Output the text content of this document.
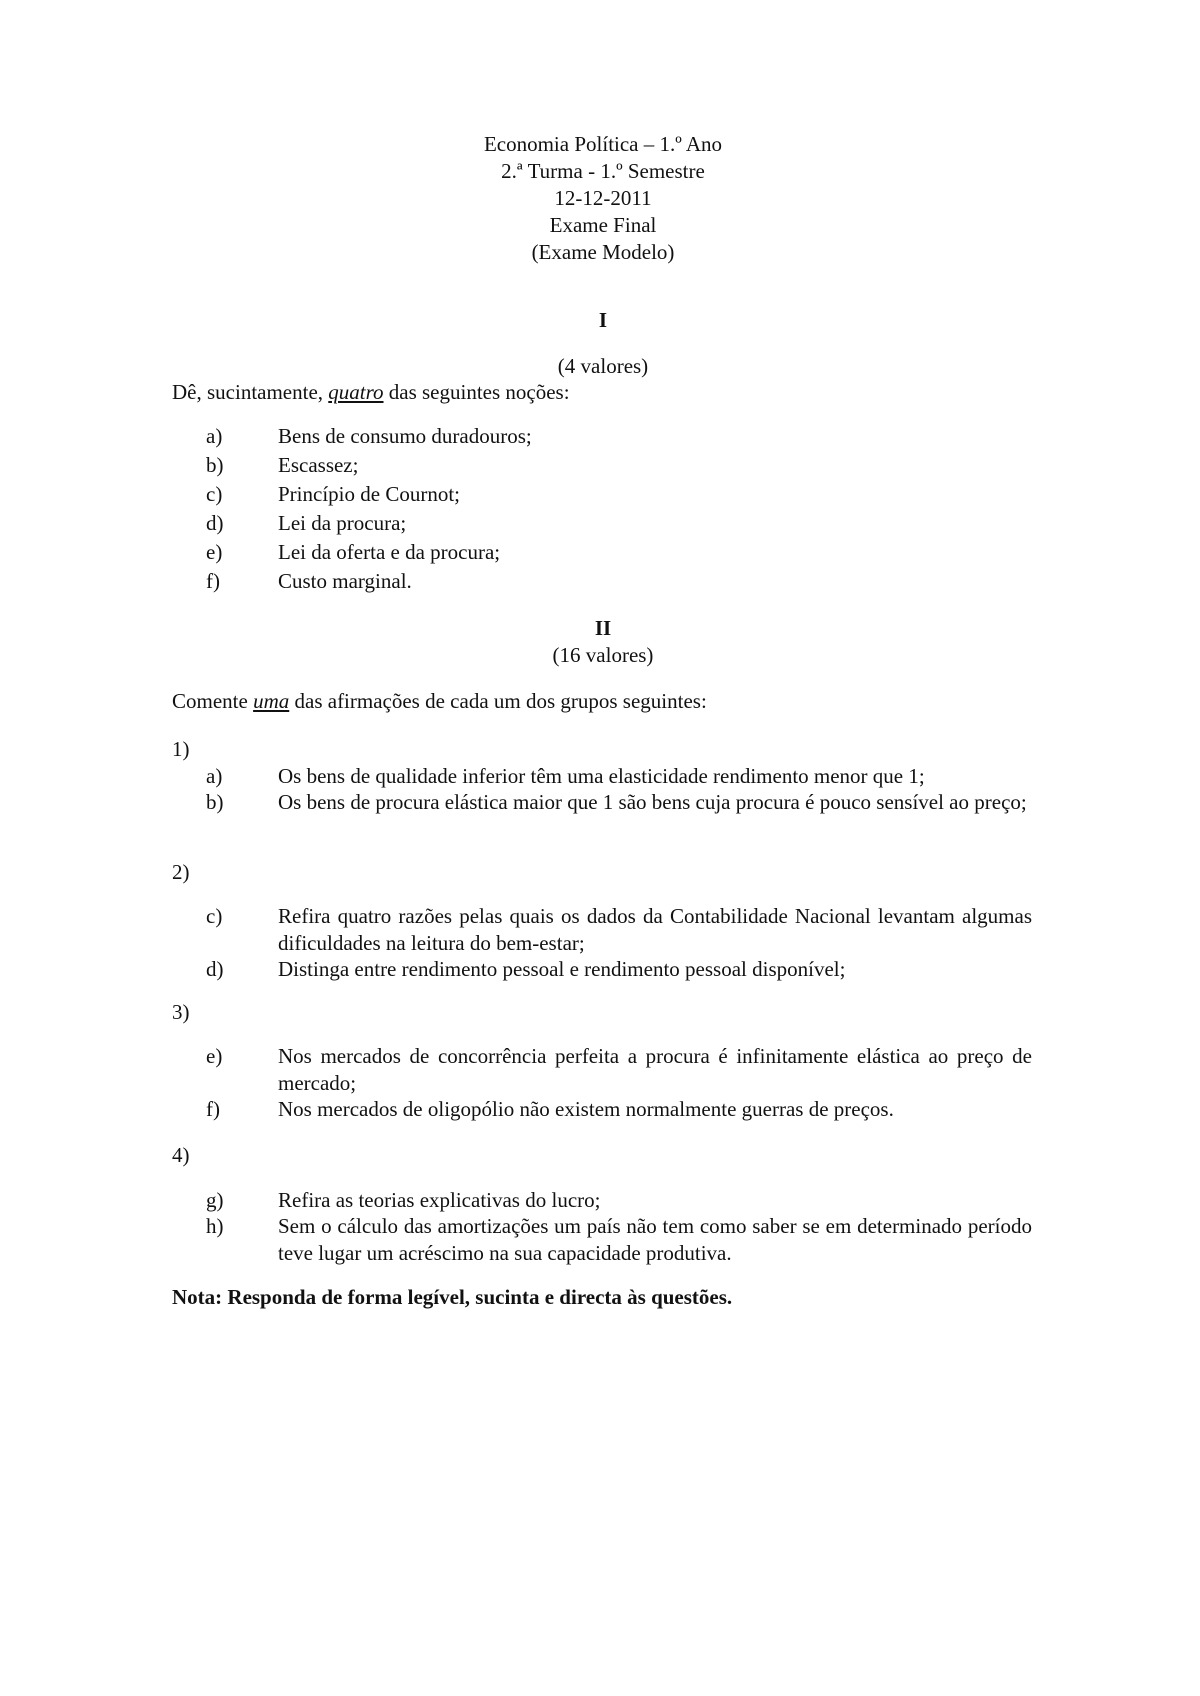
Economia Política – 1.º Ano
2.ª Turma - 1.º Semestre
12-12-2011
Exame Final
(Exame Modelo)
I
(4 valores)
Dê, sucintamente, quatro das seguintes noções:
a)	Bens de consumo duradouros;
b)	Escassez;
c)	Princípio de Cournot;
d)	Lei da procura;
e)	Lei da oferta e da procura;
f)	Custo marginal.
II
(16 valores)
Comente uma das afirmações de cada um dos grupos seguintes:
1)
a)	Os bens de qualidade inferior têm uma elasticidade rendimento menor que 1;
b)	Os bens de procura elástica maior que 1 são bens cuja procura é pouco sensível ao preço;
2)
c)	Refira quatro razões pelas quais os dados da Contabilidade Nacional levantam algumas dificuldades na leitura do bem-estar;
d)	Distinga entre rendimento pessoal e rendimento pessoal disponível;
3)
e)	Nos mercados de concorrência perfeita a procura é infinitamente elástica ao preço de mercado;
f)	Nos mercados de oligopólio não existem normalmente guerras de preços.
4)
g)	Refira as teorias explicativas do lucro;
h)	Sem o cálculo das amortizações um país não tem como saber se em determinado período teve lugar um acréscimo na sua capacidade produtiva.
Nota: Responda de forma legível, sucinta e directa às questões.
